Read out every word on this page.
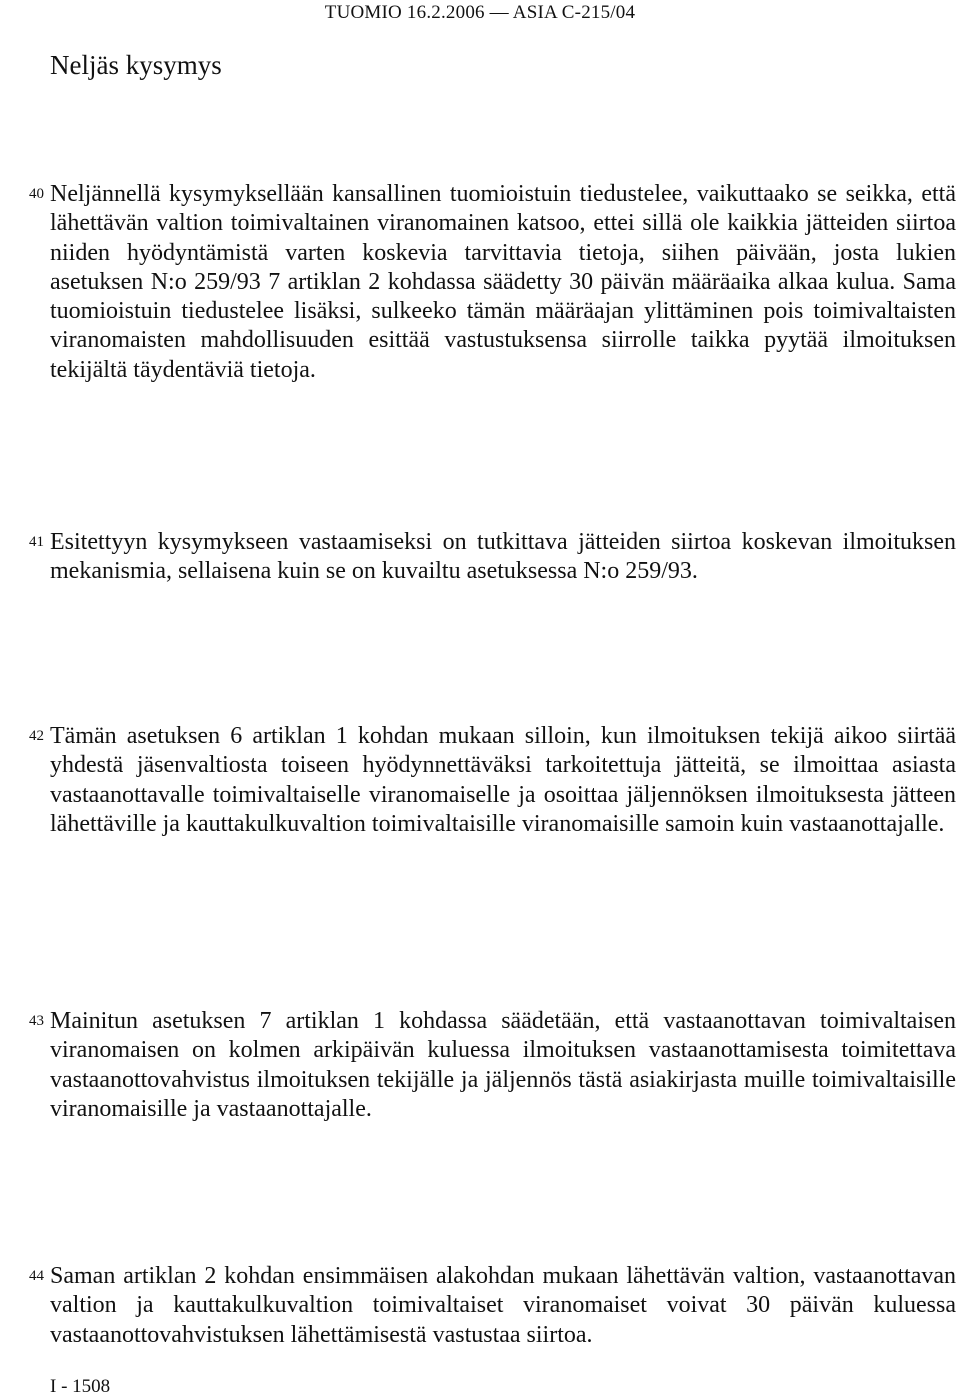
TUOMIO 16.2.2006 — ASIA C-215/04
Neljäs kysymys
40 Neljännellä kysymyksellään kansallinen tuomioistuin tiedustelee, vaikuttaako se seikka, että lähettävän valtion toimivaltainen viranomainen katsoo, ettei sillä ole kaikkia jätteiden siirtoa niiden hyödyntämistä varten koskevia tarvittavia tietoja, siihen päivään, josta lukien asetuksen N:o 259/93 7 artiklan 2 kohdassa säädetty 30 päivän määräaika alkaa kulua. Sama tuomioistuin tiedustelee lisäksi, sulkeeko tämän määräajan ylittäminen pois toimivaltaisten viranomaisten mahdollisuuden esittää vastustuksensa siirrolle taikka pyytää ilmoituksen tekijältä täydentäviä tietoja.

41 Esitettyyn kysymykseen vastaamiseksi on tutkittava jätteiden siirtoa koskevan ilmoituksen mekanismia, sellaisena kuin se on kuvailtu asetuksessa N:o 259/93.

42 Tämän asetuksen 6 artiklan 1 kohdan mukaan silloin, kun ilmoituksen tekijä aikoo siirtää yhdestä jäsenvaltiosta toiseen hyödynnettäväksi tarkoitettuja jätteitä, se ilmoittaa asiasta vastaanottavalle toimivaltaiselle viranomaiselle ja osoittaa jäljennöksen ilmoituksesta jätteen lähettäville ja kauttakulkuvaltion toimivaltaisille viranomaisille samoin kuin vastaanottajalle.

43 Mainitun asetuksen 7 artiklan 1 kohdassa säädetään, että vastaanottavan toimivaltaisen viranomaisen on kolmen arkipäivän kuluessa ilmoituksen vastaanottamisesta toimitettava vastaanottovahvistus ilmoituksen tekijälle ja jäljennös tästä asiakirjasta muille toimivaltaisille viranomaisille ja vastaanottajalle.

44 Saman artiklan 2 kohdan ensimmäisen alakohdan mukaan lähettävän valtion, vastaanottavan valtion ja kauttakulkuvaltion toimivaltaiset viranomaiset voivat 30 päivän kuluessa vastaanottovahvistuksen lähettämisestä vastustaa siirtoa.

I - 1508
